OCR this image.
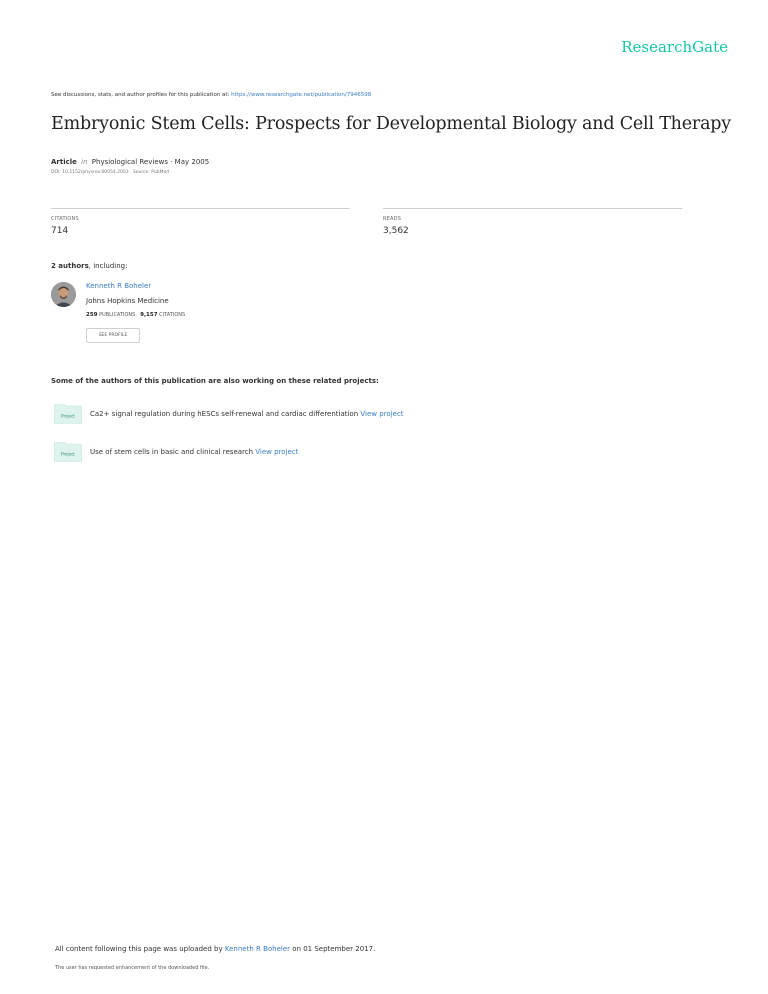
ResearchGate
See discussions, stats, and author profiles for this publication at: https://www.researchgate.net/publication/7946598
Embryonic Stem Cells: Prospects for Developmental Biology and Cell Therapy
Article in Physiological Reviews · May 2005
DOI: 10.1152/physrev.00054.2003 · Source: PubMed
CITATIONS
714
READS
3,562
2 authors, including:
Kenneth R Boheler
Johns Hopkins Medicine
259 PUBLICATIONS 9,157 CITATIONS
SEE PROFILE
Some of the authors of this publication are also working on these related projects:
Project Ca2+ signal regulation during hESCs self-renewal and cardiac differentiation View project
Project Use of stem cells in basic and clinical research View project
All content following this page was uploaded by Kenneth R Boheler on 01 September 2017.
The user has requested enhancement of the downloaded file.
